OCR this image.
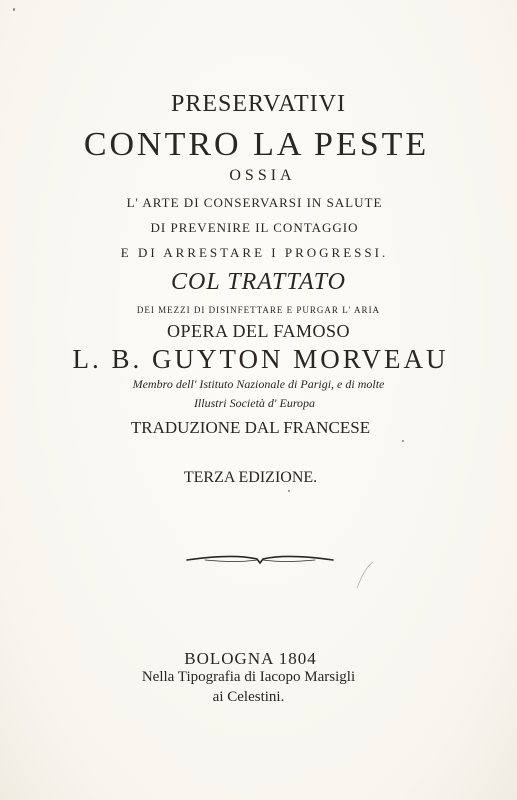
PRESERVATIVI
CONTRO LA PESTE
OSSIA
L' ARTE DI CONSERVARSI IN SALUTE
DI PREVENIRE IL CONTAGGIO
E DI ARRESTARE I PROGRESSI.
COL TRATTATO
DEI MEZZI DI DISINFETTARE E PURGAR L' ARIA
OPERA DEL FAMOSO
L. B. GUYTON MORVEAU
Membro dell' Istituto Nazionale di Parigi, e di molte
Illustri Società d' Europa
TRADUZIONE DAL FRANCESE
TERZA EDIZIONE.
BOLOGNA 1804
Nella Tipografia di Iacopo Marsigli
ai Celestini.
